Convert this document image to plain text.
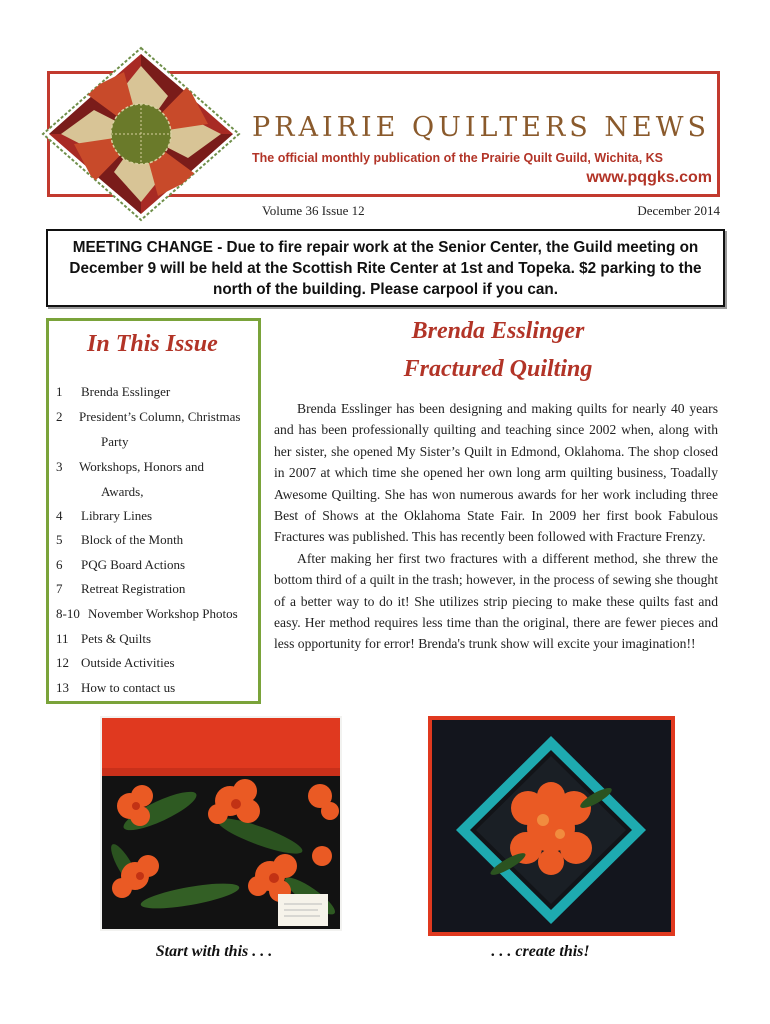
PRAIRIE QUILTERS NEWS
The official monthly publication of the Prairie Quilt Guild, Wichita, KS
www.pqgks.com
Volume 36 Issue 12	December 2014
MEETING CHANGE - Due to fire repair work at the Senior Center, the Guild meeting on December 9 will be held at the Scottish Rite Center at 1st and Topeka. $2 parking to the north of the building. Please carpool if you can.
In This Issue
1 Brenda Esslinger
2 President’s Column, Christmas
Party
3 Workshops, Honors and
Awards,
4 Library Lines
5 Block of the Month
6 PQG Board Actions
7 Retreat Registration
8-10 November Workshop Photos
11 Pets & Quilts
12 Outside Activities
13 How to contact us
Brenda Esslinger
Fractured Quilting

Brenda Esslinger has been designing and making quilts for nearly 40 years and has been professionally quilting and teaching since 2002 when, along with her sister, she opened My Sister’s Quilt in Edmond, Oklahoma. The shop closed in 2007 at which time she opened her own long arm quilting business, Toadally Awesome Quilting. She has won numerous awards for her work including three Best of Shows at the Oklahoma State Fair. In 2009 her first book Fabulous Fractures was published. This has recently been followed with Fracture Frenzy.

After making her first two fractures with a different method, she threw the bottom third of a quilt in the trash; however, in the process of sewing she thought of a better way to do it! She utilizes strip piecing to make these quilts fast and easy. Her method requires less time than the original, there are fewer pieces and less opportunity for error! Brenda's trunk show will excite your imagination!!

Start with this . . .	. . . create this!
